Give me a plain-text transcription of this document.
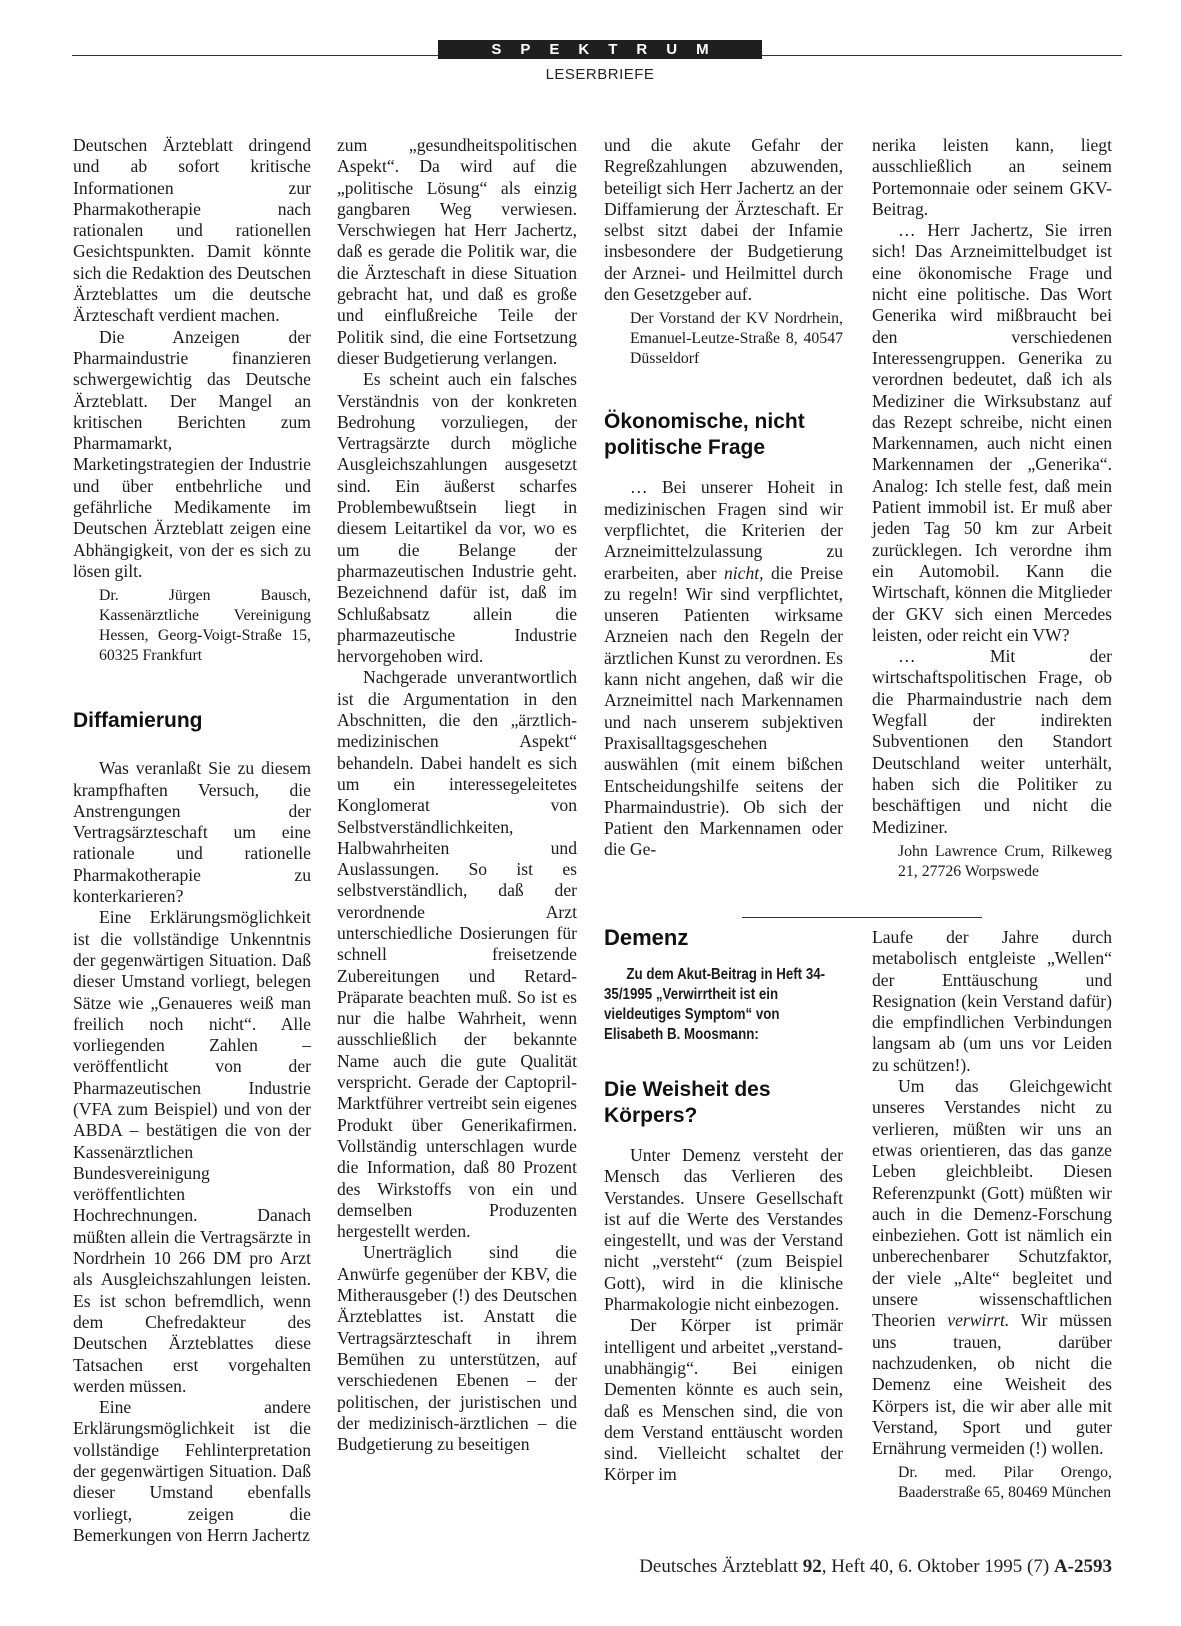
SPEKTRUM
LESERBRIEFE

Deutschen Ärzteblatt dringend und ab sofort kritische Informationen zur Pharmakotherapie nach rationalen und rationellen Gesichtspunkten. Damit könnte sich die Redaktion des Deutschen Ärzteblattes um die deutsche Ärzteschaft verdient machen.

Die Anzeigen der Pharmaindustrie finanzieren schwergewichtig das Deutsche Ärzteblatt. Der Mangel an kritischen Berichten zum Pharmamarkt, Marketingstrategien der Industrie und über entbehrliche und gefährliche Medikamente im Deutschen Ärzteblatt zeigen eine Abhängigkeit, von der es sich zu lösen gilt.

Dr. Jürgen Bausch, Kassenärztliche Vereinigung Hessen, Georg-Voigt-Straße 15, 60325 Frankfurt
Diffamierung

Was veranlaßt Sie zu diesem krampfhaften Versuch, die Anstrengungen der Vertragsärzteschaft um eine rationale und rationelle Pharmakotherapie zu konterkarieren?

Eine Erklärungsmöglichkeit ist die vollständige Unkenntnis der gegenwärtigen Situation. Daß dieser Umstand vorliegt, belegen Sätze wie „Genaueres weiß man freilich noch nicht“. Alle vorliegenden Zahlen – veröffentlicht von der Pharmazeutischen Industrie (VFA zum Beispiel) und von der ABDA – bestätigen die von der Kassenärztlichen Bundesvereinigung veröffentlichten Hochrechnungen. Danach müßten allein die Vertragsärzte in Nordrhein 10 266 DM pro Arzt als Ausgleichszahlungen leisten. Es ist schon befremdlich, wenn dem Chefredakteur des Deutschen Ärzteblattes diese Tatsachen erst vorgehalten werden müssen.

Eine andere Erklärungsmöglichkeit ist die vollständige Fehlinterpretation der gegenwärtigen Situation. Daß dieser Umstand ebenfalls vorliegt, zeigen die Bemerkungen von Herrn Jachertz

zum „gesundheitspolitischen Aspekt“. Da wird auf die „politische Lösung“ als einzig gangbaren Weg verwiesen. Verschwiegen hat Herr Jachertz, daß es gerade die Politik war, die die Ärzteschaft in diese Situation gebracht hat, und daß es große und einflußreiche Teile der Politik sind, die eine Fortsetzung dieser Budgetierung verlangen.

Es scheint auch ein falsches Verständnis von der konkreten Bedrohung vorzuliegen, der Vertragsärzte durch mögliche Ausgleichszahlungen ausgesetzt sind. Ein äußerst scharfes Problembewußtsein liegt in diesem Leitartikel da vor, wo es um die Belange der pharmazeutischen Industrie geht. Bezeichnend dafür ist, daß im Schlußabsatz allein die pharmazeutische Industrie hervorgehoben wird.

Nachgerade unverantwortlich ist die Argumentation in den Abschnitten, die den „ärztlich-medizinischen Aspekt“ behandeln. Dabei handelt es sich um ein interessegeleitetes Konglomerat von Selbstverständlichkeiten, Halbwahrheiten und Auslassungen. So ist es selbstverständlich, daß der verordnende Arzt unterschiedliche Dosierungen für schnell freisetzende Zubereitungen und Retard-Präparate beachten muß. So ist es nur die halbe Wahrheit, wenn ausschließlich der bekannte Name auch die gute Qualität verspricht. Gerade der Captopril-Marktführer vertreibt sein eigenes Produkt über Generikafirmen. Vollständig unterschlagen wurde die Information, daß 80 Prozent des Wirkstoffs von ein und demselben Produzenten hergestellt werden.

Unerträglich sind die Anwürfe gegenüber der KBV, die Mitherausgeber (!) des Deutschen Ärzteblattes ist. Anstatt die Vertragsärzteschaft in ihrem Bemühen zu unterstützen, auf verschiedenen Ebenen – der politischen, der juristischen und der medizinisch-ärztlichen – die Budgetierung zu beseitigen

und die akute Gefahr der Regreßzahlungen abzuwenden, beteiligt sich Herr Jachertz an der Diffamierung der Ärzteschaft. Er selbst sitzt dabei der Infamie insbesondere der Budgetierung der Arznei- und Heilmittel durch den Gesetzgeber auf.

Der Vorstand der KV Nordrhein, Emanuel-Leutze-Straße 8, 40547 Düsseldorf
Ökonomische, nicht politische Frage

… Bei unserer Hoheit in medizinischen Fragen sind wir verpflichtet, die Kriterien der Arzneimittelzulassung zu erarbeiten, aber nicht, die Preise zu regeln! Wir sind verpflichtet, unseren Patienten wirksame Arzneien nach den Regeln der ärztlichen Kunst zu verordnen. Es kann nicht angehen, daß wir die Arzneimittel nach Markennamen und nach unserem subjektiven Praxisalltagsgeschehen auswählen (mit einem bißchen Entscheidungshilfe seitens der Pharmaindustrie). Ob sich der Patient den Markennamen oder die Ge-

nerika leisten kann, liegt ausschließlich an seinem Portemonnaie oder seinem GKV-Beitrag.

… Herr Jachertz, Sie irren sich! Das Arzneimittelbudget ist eine ökonomische Frage und nicht eine politische. Das Wort Generika wird mißbraucht bei den verschiedenen Interessengruppen. Generika zu verordnen bedeutet, daß ich als Mediziner die Wirksubstanz auf das Rezept schreibe, nicht einen Markennamen, auch nicht einen Markennamen der „Generika“. Analog: Ich stelle fest, daß mein Patient immobil ist. Er muß aber jeden Tag 50 km zur Arbeit zurücklegen. Ich verordne ihm ein Automobil. Kann die Wirtschaft, können die Mitglieder der GKV sich einen Mercedes leisten, oder reicht ein VW?

… Mit der wirtschaftspolitischen Frage, ob die Pharmaindustrie nach dem Wegfall der indirekten Subventionen den Standort Deutschland weiter unterhält, haben sich die Politiker zu beschäftigen und nicht die Mediziner.

John Lawrence Crum, Rilkeweg 21, 27726 Worpswede
Demenz

Zu dem Akut-Beitrag in Heft 34-35/1995 „Verwirrtheit ist ein vieldeutiges Symptom“ von Elisabeth B. Moosmann:

Die Weisheit des Körpers?

Unter Demenz versteht der Mensch das Verlieren des Verstandes. Unsere Gesellschaft ist auf die Werte des Verstandes eingestellt, und was der Verstand nicht „versteht“ (zum Beispiel Gott), wird in die klinische Pharmakologie nicht einbezogen.

Der Körper ist primär intelligent und arbeitet „verstand-unabhängig“. Bei einigen Dementen könnte es auch sein, daß es Menschen sind, die von dem Verstand enttäuscht worden sind. Vielleicht schaltet der Körper im

Laufe der Jahre durch metabolisch entgleiste „Wellen“ der Enttäuschung und Resignation (kein Verstand dafür) die empfindlichen Verbindungen langsam ab (um uns vor Leiden zu schützen!).

Um das Gleichgewicht unseres Verstandes nicht zu verlieren, müßten wir uns an etwas orientieren, das das ganze Leben gleichbleibt. Diesen Referenzpunkt (Gott) müßten wir auch in die Demenz-Forschung einbeziehen. Gott ist nämlich ein unberechenbarer Schutzfaktor, der viele „Alte“ begleitet und unsere wissenschaftlichen Theorien verwirrt. Wir müssen uns trauen, darüber nachzudenken, ob nicht die Demenz eine Weisheit des Körpers ist, die wir aber alle mit Verstand, Sport und guter Ernährung vermeiden (!) wollen.

Dr. med. Pilar Orengo, Baaderstraße 65, 80469 München
Deutsches Ärzteblatt 92, Heft 40, 6. Oktober 1995 (7) A-2593
